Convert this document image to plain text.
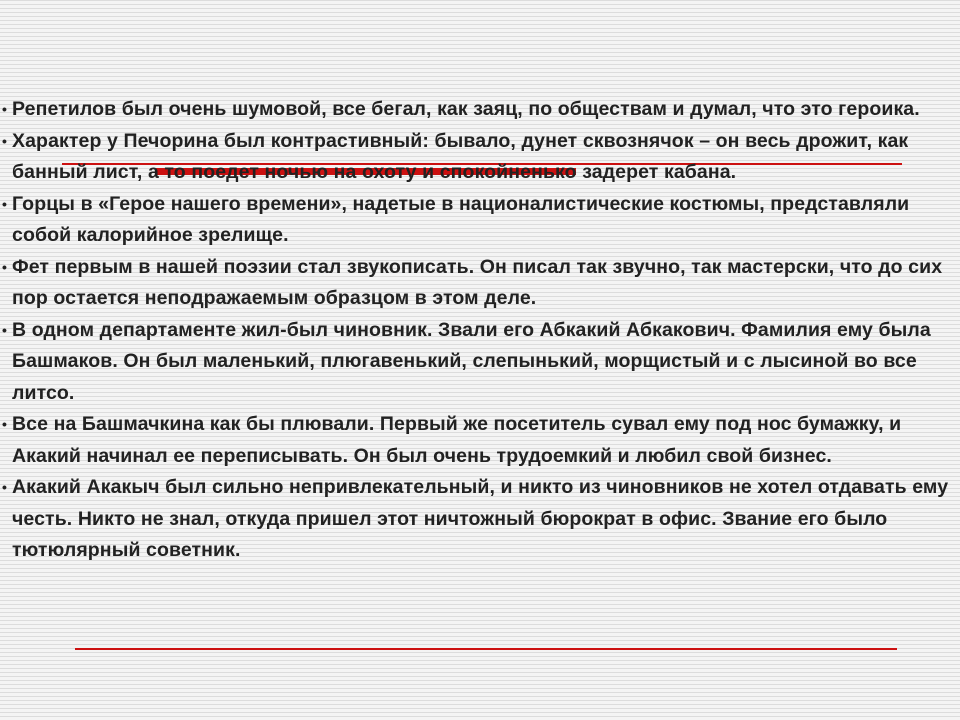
• Репетилов был очень шумовой, все бегал, как заяц, по обществам и думал, что это героика.
• Характер у Печорина был контрастивный: бывало, дунет сквознячок – он весь дрожит, как банный лист, а то поедет ночью на охоту и спокойненько задерет кабана.
• Горцы в «Герое нашего времени», надетые в националистические костюмы, представляли собой калорийное зрелище.
• Фет первым в нашей поэзии стал звукописать. Он писал так звучно, так мастерски, что до сих пор остается неподражаемым образцом в этом деле.
• В одном департаменте жил-был чиновник. Звали его Абкакий Абкакович. Фамилия ему была Башмаков. Он был маленький, плюгавенький, слепынький, морщистый и с лысиной во все литсо.
• Все на Башмачкина как бы плювали. Первый же посетитель сувал ему под нос бумажку, и Акакий начинал ее переписывать. Он был очень трудоемкий и любил свой бизнес.
• Акакий Акакыч был сильно непривлекательный, и никто из чиновников не хотел отдавать ему честь. Никто не знал, откуда пришел этот ничтожный бюрократ в офис. Звание его было тютюлярный советник.
